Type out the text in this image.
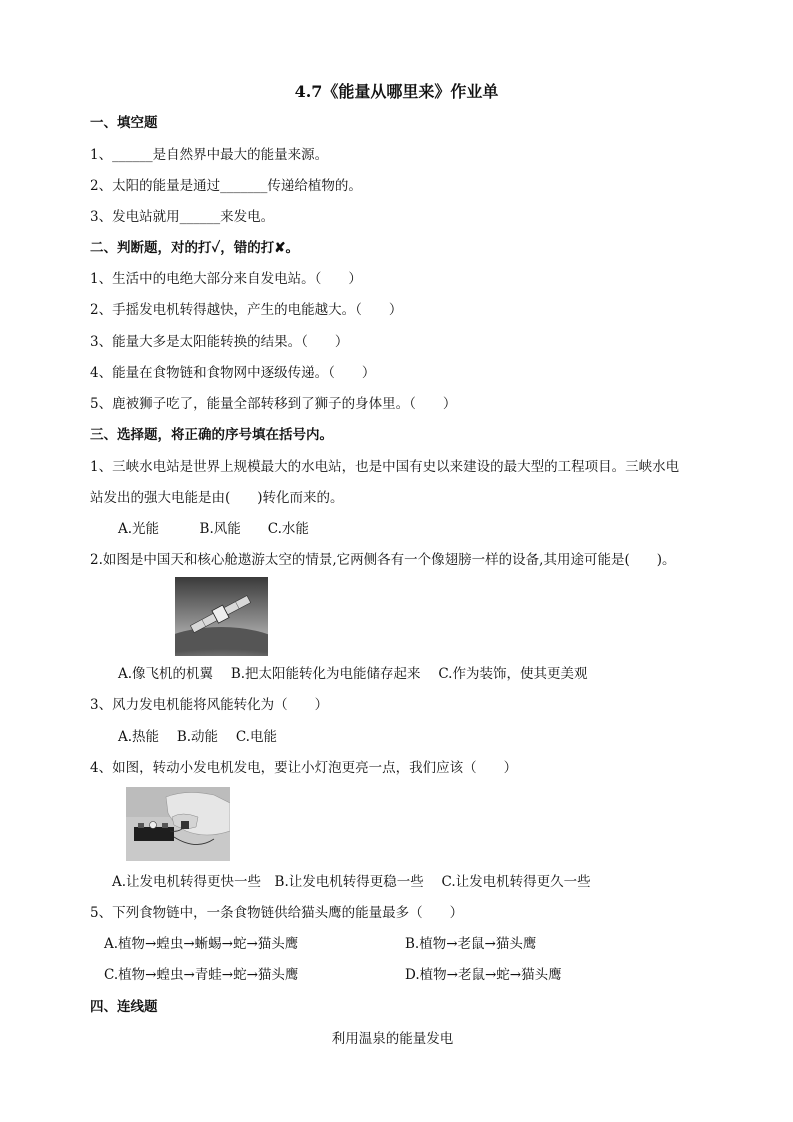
4.7《能量从哪里来》作业单
一、填空题
1、______是自然界中最大的能量来源。
2、太阳的能量是通过_______传递给植物的。
3、发电站就用______来发电。
二、判断题，对的打✓，错的打✘。
1、生活中的电绝大部分来自发电站。（　　）
2、手摇发电机转得越快，产生的电能越大。（　　）
3、能量大多是太阳能转换的结果。（　　）
4、能量在食物链和食物网中逐级传递。（　　）
5、鹿被狮子吃了，能量全部转移到了狮子的身体里。（　　）
三、选择题，将正确的序号填在括号内。
1、三峡水电站是世界上规模最大的水电站，也是中国有史以来建设的最大型的工程项目。三峡水电
站发出的强大电能是由(　　)转化而来的。
A.光能　　　B.风能　　C.水能
2.如图是中国天和核心舱遨游太空的情景,它两侧各有一个像翅膀一样的设备,其用途可能是(　　)。
A.像飞机的机翼　 B.把太阳能转化为电能储存起来　 C.作为装饰，使其更美观
3、风力发电机能将风能转化为（　　）
A.热能　 B.动能　 C.电能
4、如图，转动小发电机发电，要让小灯泡更亮一点，我们应该（　　）
A.让发电机转得更快一些　B.让发电机转得更稳一些　 C.让发电机转得更久一些
5、下列食物链中，一条食物链供给猫头鹰的能量最多（　　）
A.植物→蝗虫→蜥蜴→蛇→猫头鹰	B.植物→老鼠→猫头鹰
C.植物→蝗虫→青蛙→蛇→猫头鹰	D.植物→老鼠→蛇→猫头鹰
四、连线题
利用温泉的能量发电
